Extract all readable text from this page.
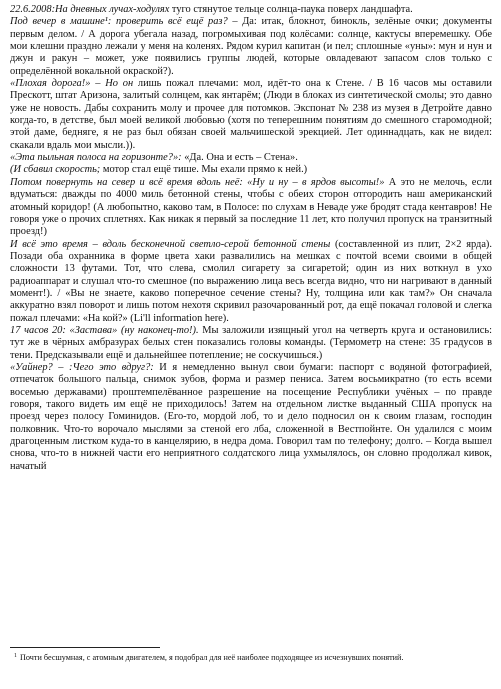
22.6.2008:На дневных лучах-ходулях туго стянутое тельце солнца-паука поверх ландшафта.

Под вечер в машине¹: проверить всё ещё раз? – Да: итак, блокнот, бинокль, зелёные очки; документы первым делом. / А дорога убегала назад, погромыхивая под колёсами: солнце, кактусы вперемешку. Обе мои клешни праздно лежали у меня на коленях. Рядом курил капитан (и пел; сплошные «уны»: мун и нун и джун и ракун – может, уже появились группы людей, которые овладевают запасом слов только с определённой вокальной окраской?).

«Плохая дорога!» – Но он лишь пожал плечами: мол, идёт-то она к Стене. / В 16 часов мы оставили Прескотт, штат Аризона, залитый солнцем, как янтарём; (Люди в блоках из синтетической смолы; это давно уже не новость. Дабы сохранить молу и прочее для потомков. Экспонат № 238 из музея в Детройте давно когда-то, в детстве, был моей великой любовью (хотя по теперешним понятиям до смешного старомодной; этой даме, бедняге, я не раз был обязан своей мальчишеской эрекцией. Лет одиннадцать, как не видел: скакали вдаль мои мысли.)).

«Эта пыльная полоса на горизонте?»: «Да. Она и есть – Стена».

(И сбавил скорость; мотор стал ещё тише. Мы ехали прямо к ней.)

Потом повернуть на север и всё время вдоль неё: «Ну и ну – в ярдов высоты!» А это не мелочь, если вдуматься: дважды по 4000 миль бетонной стены, чтобы с обеих сторон отгородить наш американский атомный коридор! (А любопытно, каково там, в Полосе: по слухам в Неваде уже бродят стада кентавров! Не говоря уже о прочих сплетнях. Как никак я первый за последние 11 лет, кто получил пропуск на транзитный проезд!)

И всё это время – вдоль бесконечной светло-серой бетонной стены (составленной из плит, 2×2 ярда). Позади оба охранника в форме цвета хаки развалились на мешках с почтой всеми своими в общей сложности 13 футами. Тот, что слева, смолил сигарету за сигаретой; один из них воткнул в ухо радиоаппарат и слушал что-то смешное (по выражению лица весь всегда видно, что ни нагривают в данный момент!). / «Вы не знаете, каково поперечное сечение стены? Ну, толщина или как там?» Он сначала аккуратно взял поворот и лишь потом нехотя скривил разочарованный рот, да ещё покачал головой и слегка пожал плечами: «На кой?» (Li'll information here).

17 часов 20: «Застава» (ну наконец-то!). Мы заложили изящный угол на четверть круга и остановились: тут же в чёрных амбразурах белых стен показались головы команды. (Термометр на стене: 35 градусов в тени. Предсказывали ещё и дальнейшее потепление; не соскучишься.)

«Уайнер? – :Чего это вдруг?: И я немедленно вынул свои бумаги: паспорт с водяной фотографией, отпечаток большого пальца, снимок зубов, форма и размер пениса. Затем восьмикратно (то есть всеми восемью державами) проштемпелёванное разрешение на посещение Республики учёных – по правде говоря, такого видеть им ещё не приходилось! Затем на отдельном листке выданный США пропуск на проезд через полосу Гоминидов. (Его-то, мордой лоб, то и дело подносил он к своим глазам, господин полковник. Что-то ворочало мыслями за стеной его лба, сложенной в Вестпойнте. Он удалился с моим драгоценным листком куда-то в канцелярию, в недра дома. Говорил там по телефону; долго. – Когда вышел снова, что-то в нижней части его неприятного солдатского лица ухмылялось, он словно продолжал кивок, начатый

$^1$ Почти бесшумная, с атомным двигателем, я подобрал для неё наиболее подходящее из исчезнувших понятий.
